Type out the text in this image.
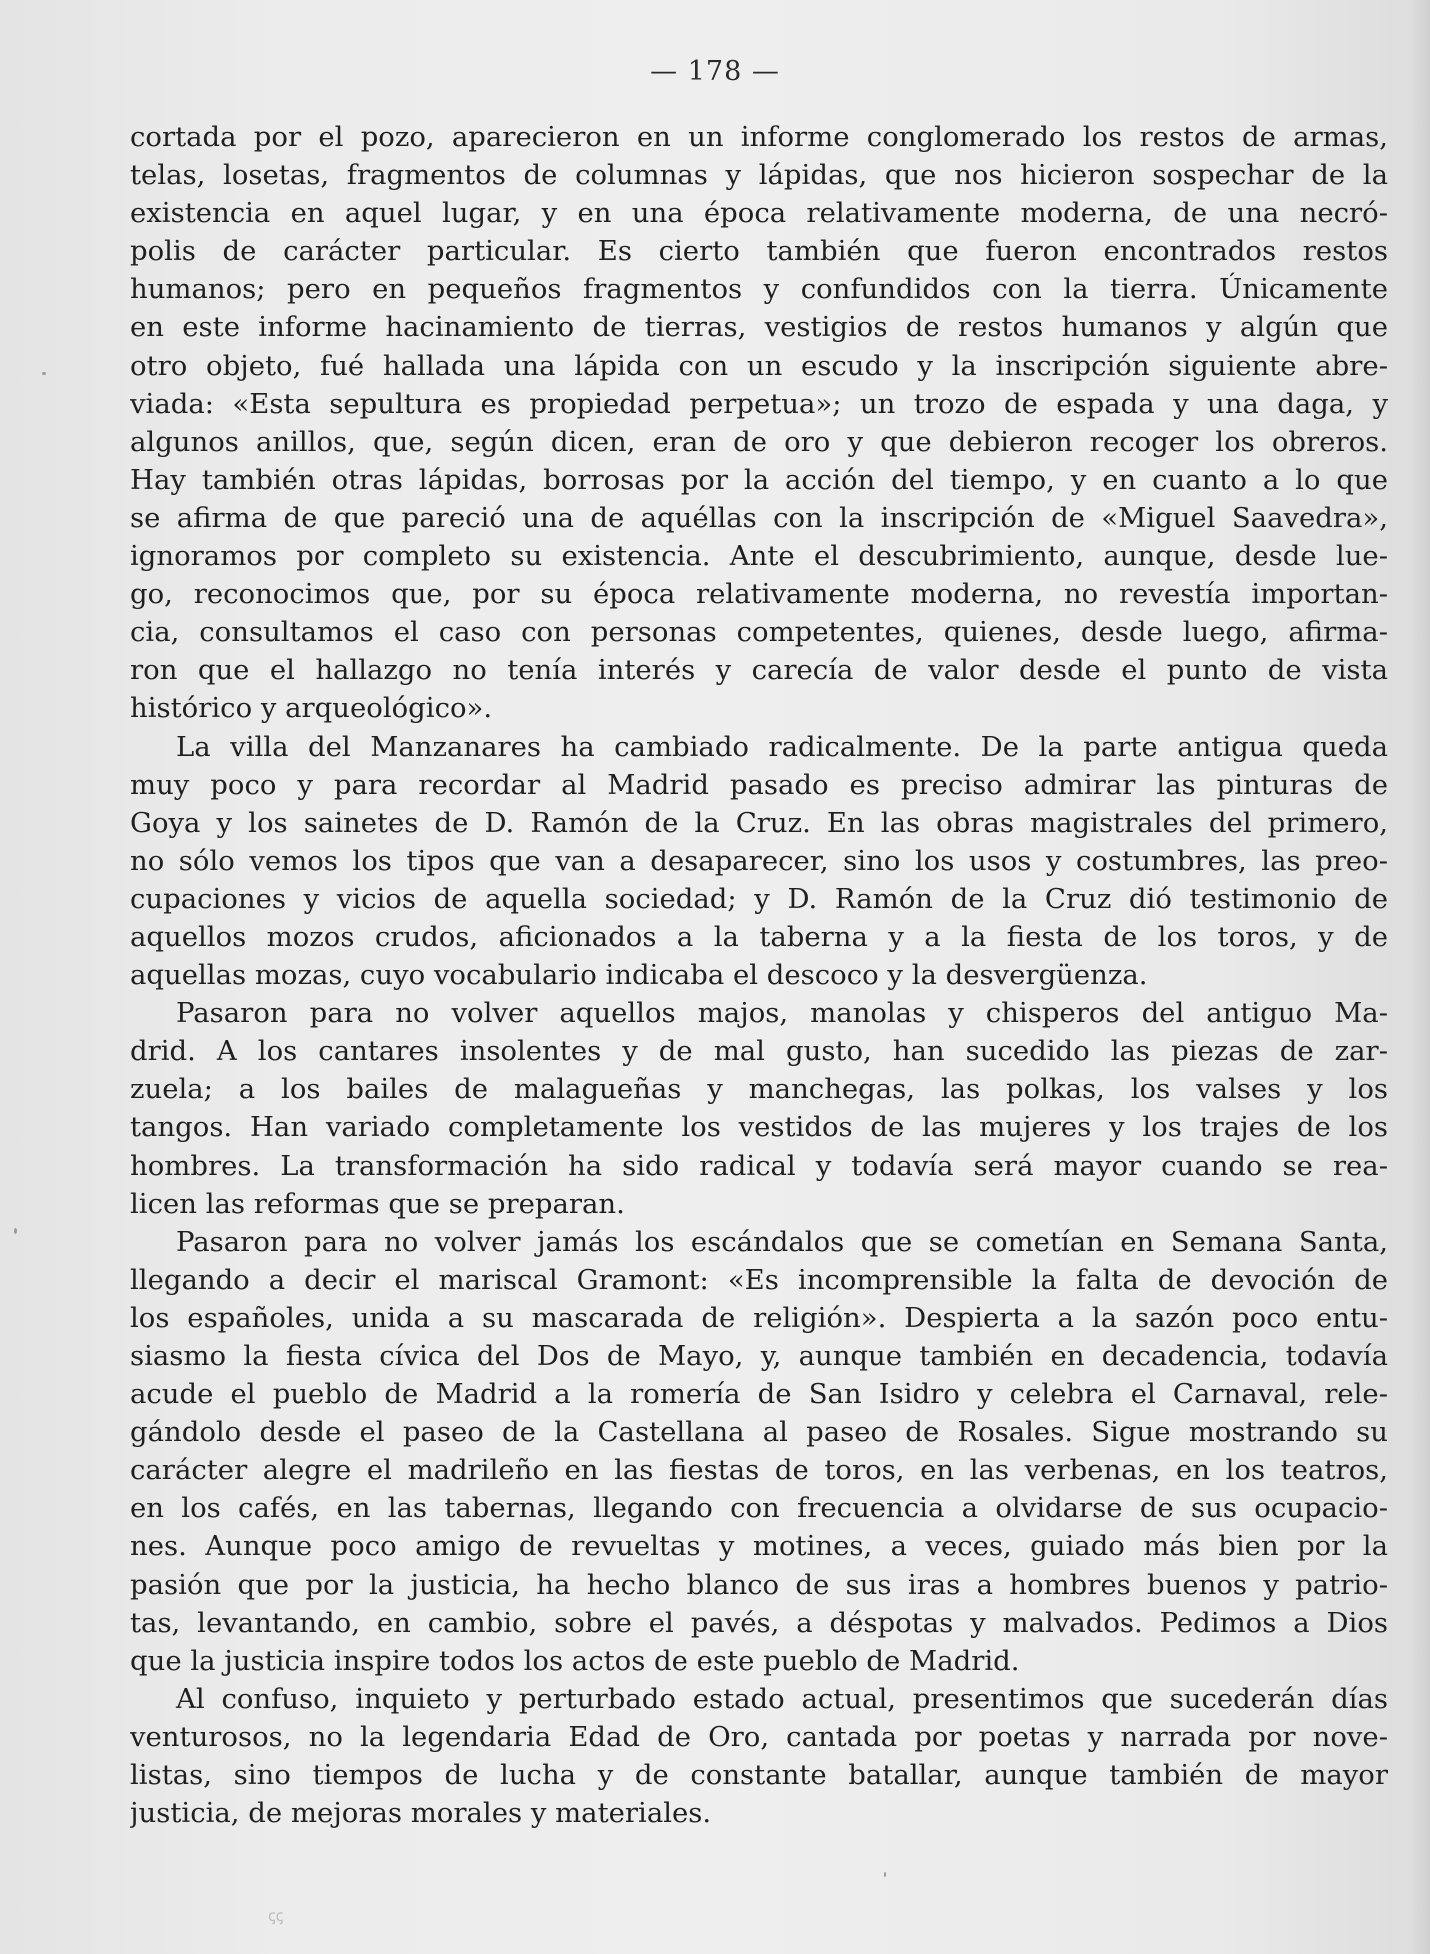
— 178 —
cortada por el pozo, aparecieron en un informe conglomerado los restos de armas,
telas, losetas, fragmentos de columnas y lápidas, que nos hicieron sospechar de la
existencia en aquel lugar, y en una época relativamente moderna, de una necró-
polis de carácter particular. Es cierto también que fueron encontrados restos
humanos; pero en pequeños fragmentos y confundidos con la tierra. Únicamente
en este informe hacinamiento de tierras, vestigios de restos humanos y algún que
otro objeto, fué hallada una lápida con un escudo y la inscripción siguiente abre-
viada: «Esta sepultura es propiedad perpetua»; un trozo de espada y una daga, y
algunos anillos, que, según dicen, eran de oro y que debieron recoger los obreros.
Hay también otras lápidas, borrosas por la acción del tiempo, y en cuanto a lo que
se afirma de que pareció una de aquéllas con la inscripción de «Miguel Saavedra»,
ignoramos por completo su existencia. Ante el descubrimiento, aunque, desde lue-
go, reconocimos que, por su época relativamente moderna, no revestía importan-
cia, consultamos el caso con personas competentes, quienes, desde luego, afirma-
ron que el hallazgo no tenía interés y carecía de valor desde el punto de vista
histórico y arqueológico».
La villa del Manzanares ha cambiado radicalmente. De la parte antigua queda
muy poco y para recordar al Madrid pasado es preciso admirar las pinturas de
Goya y los sainetes de D. Ramón de la Cruz. En las obras magistrales del primero,
no sólo vemos los tipos que van a desaparecer, sino los usos y costumbres, las preo-
cupaciones y vicios de aquella sociedad; y D. Ramón de la Cruz dió testimonio de
aquellos mozos crudos, aficionados a la taberna y a la fiesta de los toros, y de
aquellas mozas, cuyo vocabulario indicaba el descoco y la desvergüenza.
Pasaron para no volver aquellos majos, manolas y chisperos del antiguo Ma-
drid. A los cantares insolentes y de mal gusto, han sucedido las piezas de zar-
zuela; a los bailes de malagueñas y manchegas, las polkas, los valses y los
tangos. Han variado completamente los vestidos de las mujeres y los trajes de los
hombres. La transformación ha sido radical y todavía será mayor cuando se rea-
licen las reformas que se preparan.
Pasaron para no volver jamás los escándalos que se cometían en Semana Santa,
llegando a decir el mariscal Gramont: «Es incomprensible la falta de devoción de
los españoles, unida a su mascarada de religión». Despierta a la sazón poco entu-
siasmo la fiesta cívica del Dos de Mayo, y, aunque también en decadencia, todavía
acude el pueblo de Madrid a la romería de San Isidro y celebra el Carnaval, rele-
gándolo desde el paseo de la Castellana al paseo de Rosales. Sigue mostrando su
carácter alegre el madrileño en las fiestas de toros, en las verbenas, en los teatros,
en los cafés, en las tabernas, llegando con frecuencia a olvidarse de sus ocupacio-
nes. Aunque poco amigo de revueltas y motines, a veces, guiado más bien por la
pasión que por la justicia, ha hecho blanco de sus iras a hombres buenos y patrio-
tas, levantando, en cambio, sobre el pavés, a déspotas y malvados. Pedimos a Dios
que la justicia inspire todos los actos de este pueblo de Madrid.
Al confuso, inquieto y perturbado estado actual, presentimos que sucederán días
venturosos, no la legendaria Edad de Oro, cantada por poetas y narrada por nove-
listas, sino tiempos de lucha y de constante batallar, aunque también de mayor
justicia, de mejoras morales y materiales.
ꞔꞔ
